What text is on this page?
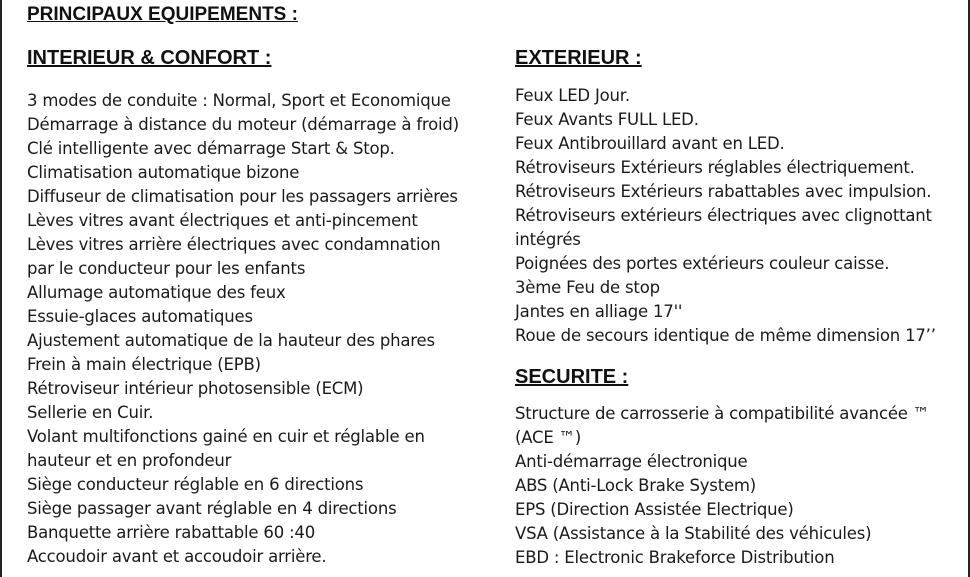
PRINCIPAUX EQUIPEMENTS :
INTERIEUR & CONFORT :
3 modes de conduite : Normal, Sport et Economique
Démarrage à distance du moteur (démarrage à froid)
Clé intelligente avec démarrage Start & Stop.
Climatisation automatique bizone
Diffuseur de climatisation pour les passagers arrières
Lèves vitres avant électriques et anti-pincement
Lèves vitres arrière électriques avec condamnation
par le conducteur pour les enfants
Allumage automatique des feux
Essuie-glaces automatiques
Ajustement automatique de la hauteur des phares
Frein à main électrique (EPB)
Rétroviseur intérieur photosensible (ECM)
Sellerie en Cuir.
Volant multifonctions gainé en cuir et réglable en
hauteur et en profondeur
Siège conducteur réglable en 6 directions
Siège passager avant réglable en 4 directions
Banquette arrière rabattable 60 :40
Accoudoir avant et accoudoir arrière.
EXTERIEUR :
Feux LED Jour.
Feux Avants FULL LED.
Feux Antibrouillard avant en LED.
Rétroviseurs Extérieurs réglables électriquement.
Rétroviseurs Extérieurs rabattables avec impulsion.
Rétroviseurs extérieurs électriques avec clignottant
intégrés
Poignées des portes extérieurs couleur caisse.
3ème Feu de stop
Jantes en alliage 17''
Roue de secours identique de même dimension 17’’
SECURITE :
Structure de carrosserie à compatibilité avancée ™
(ACE ™)
Anti-démarrage électronique
ABS (Anti-Lock Brake System)
EPS (Direction Assistée Electrique)
VSA (Assistance à la Stabilité des véhicules)
EBD : Electronic Brakeforce Distribution
